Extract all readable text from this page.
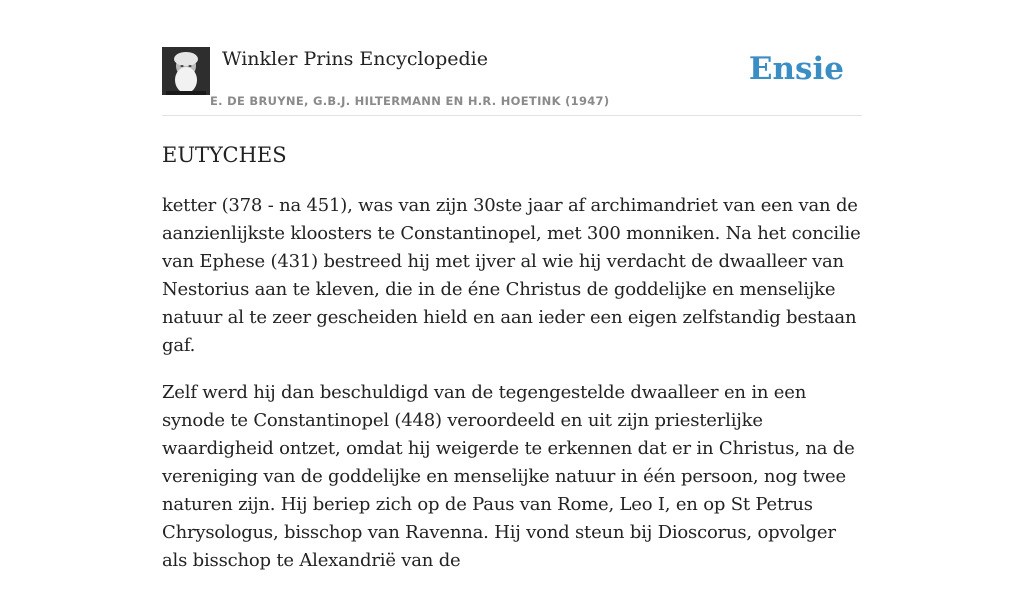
Winkler Prins Encyclopedie
E. DE BRUYNE, G.B.J. HILTERMANN EN H.R. HOETINK (1947)
Ensie
EUTYCHES

ketter (378 - na 451), was van zijn 30ste jaar af archimandriet van een van de aanzienlijkste kloosters te Constantinopel, met 300 monniken. Na het concilie van Ephese (431) bestreed hij met ijver al wie hij verdacht de dwaalleer van Nestorius aan te kleven, die in de éne Christus de goddelijke en menselijke natuur al te zeer gescheiden hield en aan ieder een eigen zelfstandig bestaan gaf.

Zelf werd hij dan beschuldigd van de tegengestelde dwaalleer en in een synode te Constantinopel (448) veroordeeld en uit zijn priesterlijke waardigheid ontzet, omdat hij weigerde te erkennen dat er in Christus, na de vereniging van de goddelijke en menselijke natuur in één persoon, nog twee naturen zijn. Hij beriep zich op de Paus van Rome, Leo I, en op St Petrus Chrysologus, bisschop van Ravenna. Hij vond steun bij Dioscorus, opvolger als bisschop te Alexandrië van de
